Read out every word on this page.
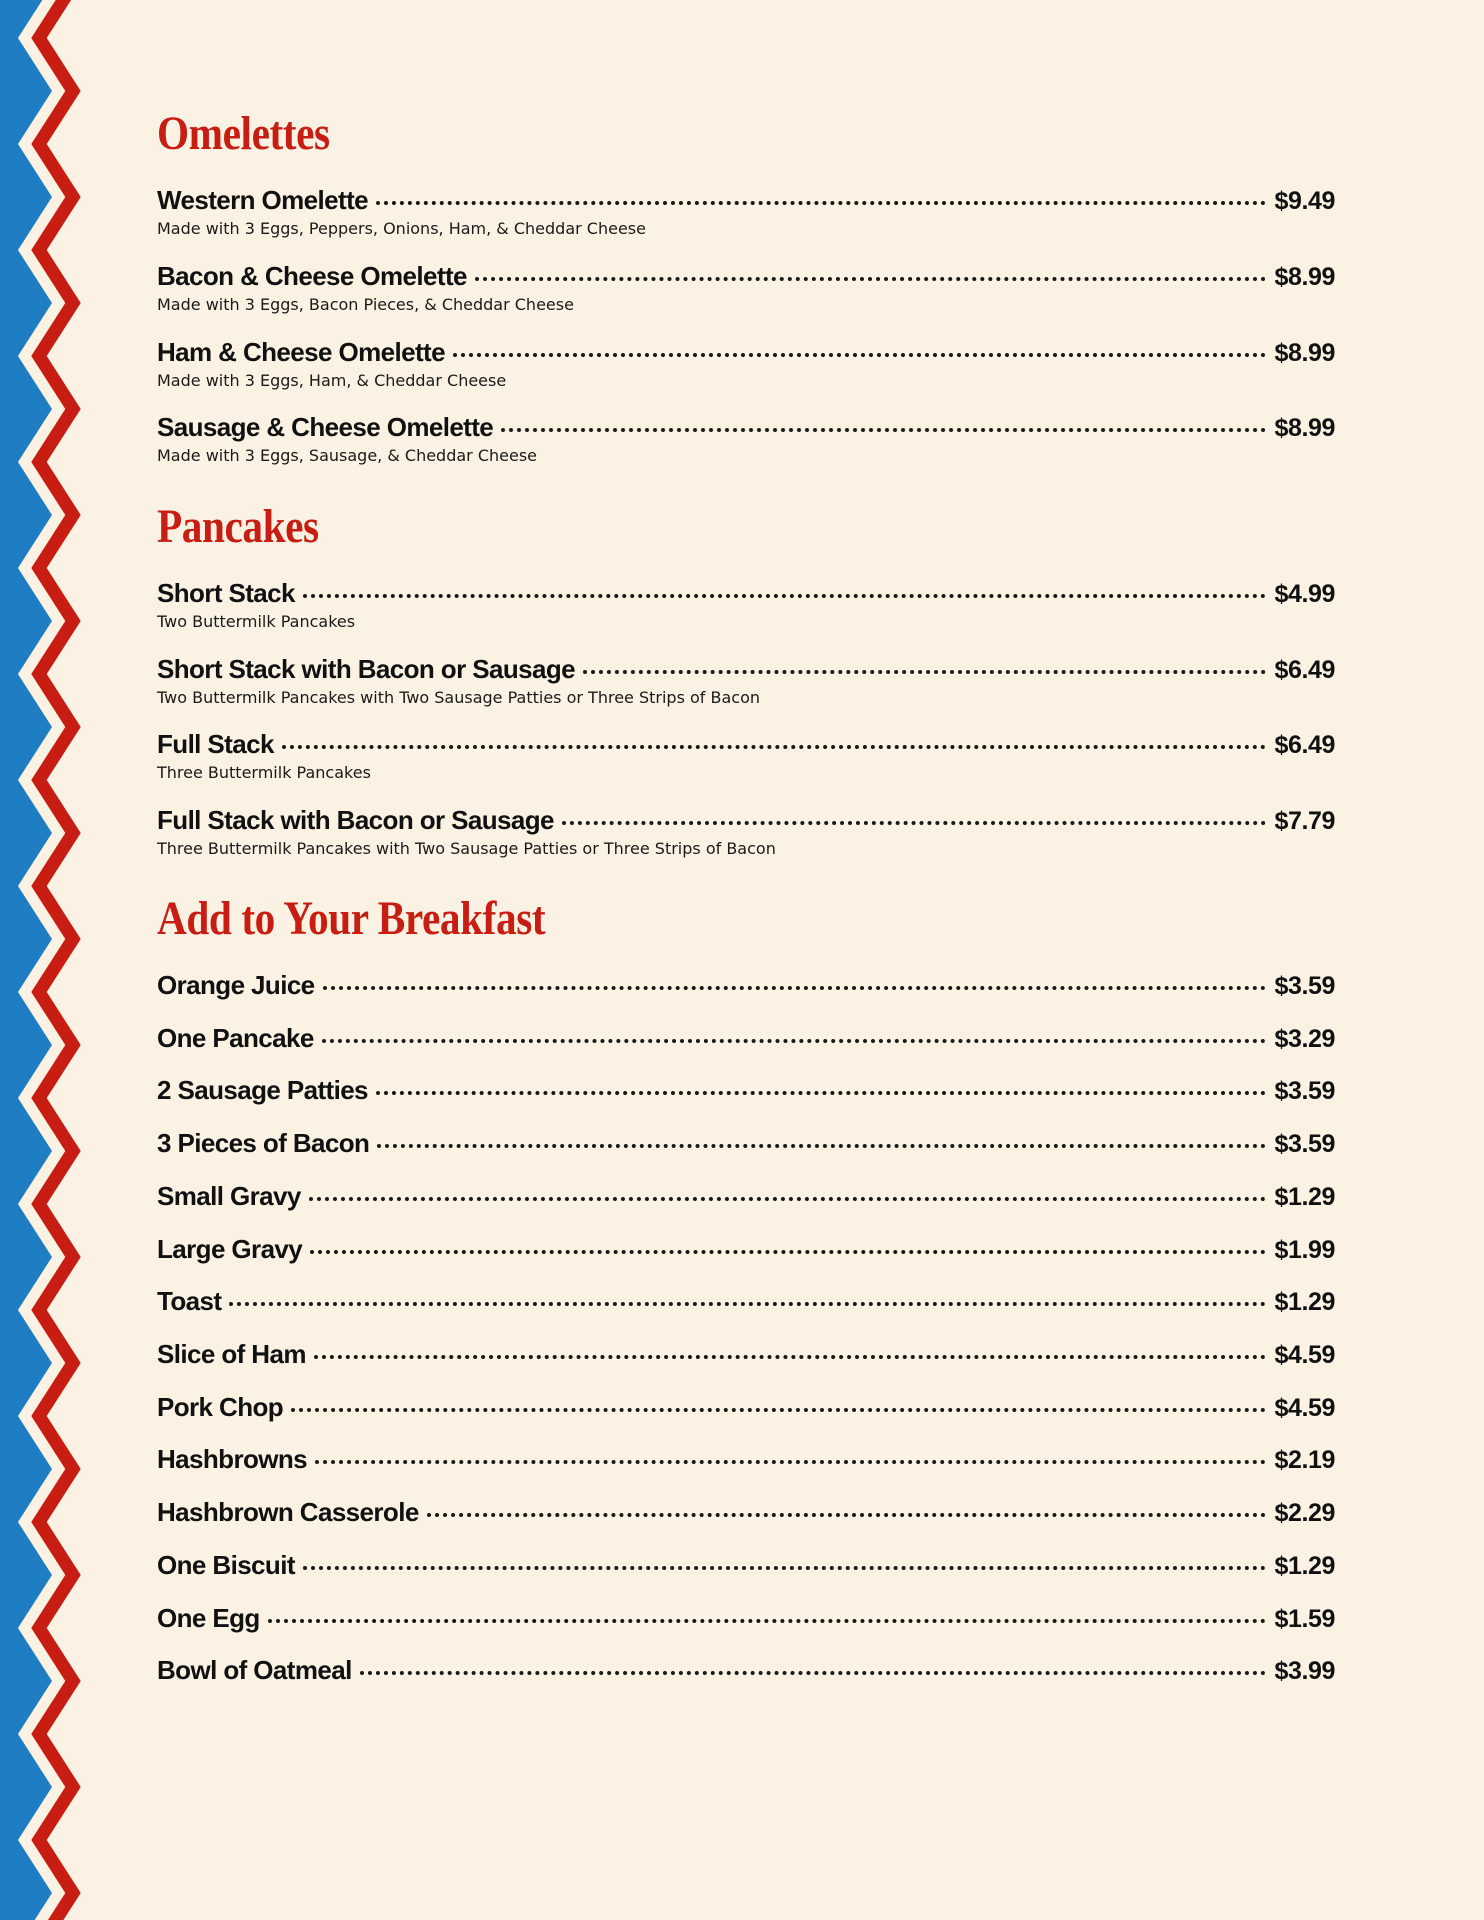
Omelettes
Western Omelette	$9.49
Made with 3 Eggs, Peppers, Onions, Ham, & Cheddar Cheese
Bacon & Cheese Omelette	$8.99
Made with 3 Eggs, Bacon Pieces, & Cheddar Cheese
Ham & Cheese Omelette	$8.99
Made with 3 Eggs, Ham, & Cheddar Cheese
Sausage & Cheese Omelette	$8.99
Made with 3 Eggs, Sausage, & Cheddar Cheese
Pancakes
Short Stack	$4.99
Two Buttermilk Pancakes
Short Stack with Bacon or Sausage	$6.49
Two Buttermilk Pancakes with Two Sausage Patties or Three Strips of Bacon
Full Stack	$6.49
Three Buttermilk Pancakes
Full Stack with Bacon or Sausage	$7.79
Three Buttermilk Pancakes with Two Sausage Patties or Three Strips of Bacon
Add to Your Breakfast
Orange Juice	$3.59
One Pancake	$3.29
2 Sausage Patties	$3.59
3 Pieces of Bacon	$3.59
Small Gravy	$1.29
Large Gravy	$1.99
Toast	$1.29
Slice of Ham	$4.59
Pork Chop	$4.59
Hashbrowns	$2.19
Hashbrown Casserole	$2.29
One Biscuit	$1.29
One Egg	$1.59
Bowl of Oatmeal	$3.99
